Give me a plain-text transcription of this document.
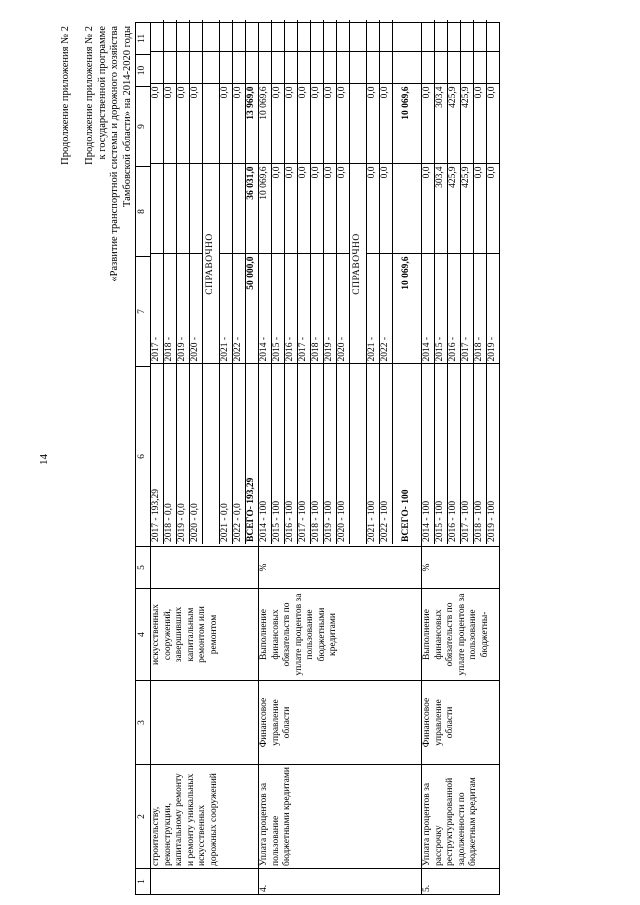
14
Продолжение приложения № 2 Продолжение приложения № 2 к государственной программе «Развитие транспортной системы и дорожного хозяйства Тамбовской области» на 2014-2020 годы
1	2	3	4	5	6	7	8	9	10	11
	строительству, реконструкции, капитальному ремонту и ремонту уникальных искусственных дорожных сооружений		искусственных сооружений, завершивших капитальным ремонтом или ремонтом		
2017 - 193,29	2017 -		0,0		
2018 - 0,0	2018 -		0,0		
2019 - 0,0	2019 -		0,0		
2020 - 0,0	2020 -		0,0		
	СПРАВОЧНО			
2021 - 0,0	2021 -		0,0		
2022 - 0,0	2022 -		0,0		
ВСЕГО- 193,29	50 000,0	36 031,0	13 969,0		

4.	Уплата процентов за пользование бюджетными кредитами	Финансовое управление области	Выполнение финансовых обязательств по уплате процентов за пользование бюджетными кредитами	%	
2014 - 100	2014 -	10 069,6	10 069,6		
2015 - 100	2015 -	0,0	0,0		
2016 - 100	2016 -	0,0	0,0		
2017 - 100	2017 -	0,0	0,0		
2018 - 100	2018 -	0,0	0,0		
2019 - 100	2019 -	0,0	0,0		
2020 - 100	2020 -	0,0	0,0		
	СПРАВОЧНО			
2021 - 100	2021 -	0,0	0,0		
2022 - 100	2022 -	0,0	0,0		
ВСЕГО- 100	10 069,6		10 069,6		

5.	Уплата процентов за рассрочку реструктурированной задолженности по бюджетным кредитам	Финансовое управление области	Выполнение финансовых обязательств по уплате процентов за пользование бюджетны-	%	
2014 - 100	2014 -	0,0	0,0		
2015 - 100	2015 -	303,4	303,4		
2016 - 100	2016 -	425,9	425,9		
2017 - 100	2017 -	425,9	425,9		
2018 - 100	2018 -	0,0	0,0		
2019 - 100	2019 -	0,0	0,0		
